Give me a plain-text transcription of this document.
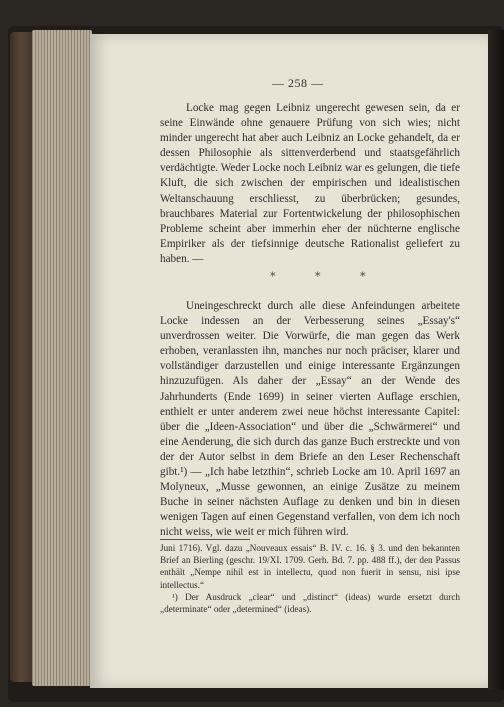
— 258 —

Locke mag gegen Leibniz ungerecht gewesen sein, da er seine Einwände ohne genauere Prüfung von sich wies; nicht minder ungerecht hat aber auch Leibniz an Locke gehandelt, da er dessen Philosophie als sittenverderbend und staatsgefährlich verdächtigte. Weder Locke noch Leibniz war es gelungen, die tiefe Kluft, die sich zwischen der empirischen und idealistischen Weltanschauung erschliesst, zu überbrücken; gesundes, brauchbares Material zur Fortentwickelung der philosophischen Probleme scheint aber immerhin eher der nüchterne englische Empiriker als der tiefsinnige deutsche Rationalist geliefert zu haben. —

* * *

Uneingeschreckt durch alle diese Anfeindungen arbeitete Locke indessen an der Verbesserung seines „Essay's“ unverdrossen weiter. Die Vorwürfe, die man gegen das Werk erhoben, veranlassten ihn, manches nur noch präciser, klarer und vollständiger darzustellen und einige interessante Ergänzungen hinzuzufügen. Als daher der „Essay“ an der Wende des Jahrhunderts (Ende 1699) in seiner vierten Auflage erschien, enthielt er unter anderem zwei neue höchst interessante Capitel: über die „Ideen-Association“ und über die „Schwärmerei“ und eine Aenderung, die sich durch das ganze Buch erstreckte und von der der Autor selbst in dem Briefe an den Leser Rechenschaft gibt.¹) — „Ich habe letzthin“, schrieb Locke am 10. April 1697 an Molyneux, „Musse gewonnen, an einige Zusätze zu meinem Buche in seiner nächsten Auflage zu denken und bin in diesen wenigen Tagen auf einen Gegenstand verfallen, von dem ich noch nicht weiss, wie weit er mich führen wird.

Juni 1716). Vgl. dazu „Nouveaux essais“ B. IV. c. 16. § 3. und den bekannten Brief an Bierling (geschr. 19/XI. 1709. Gerh. Bd. 7. pp. 488 ff.), der den Passus enthält „Nempe nihil est in intellectu, quod non fuerit in sensu, nisi ipse intellectus.“

¹) Der Ausdruck „clear“ und „distinct“ (ideas) wurde ersetzt durch „determinate“ oder „determined“ (ideas).
